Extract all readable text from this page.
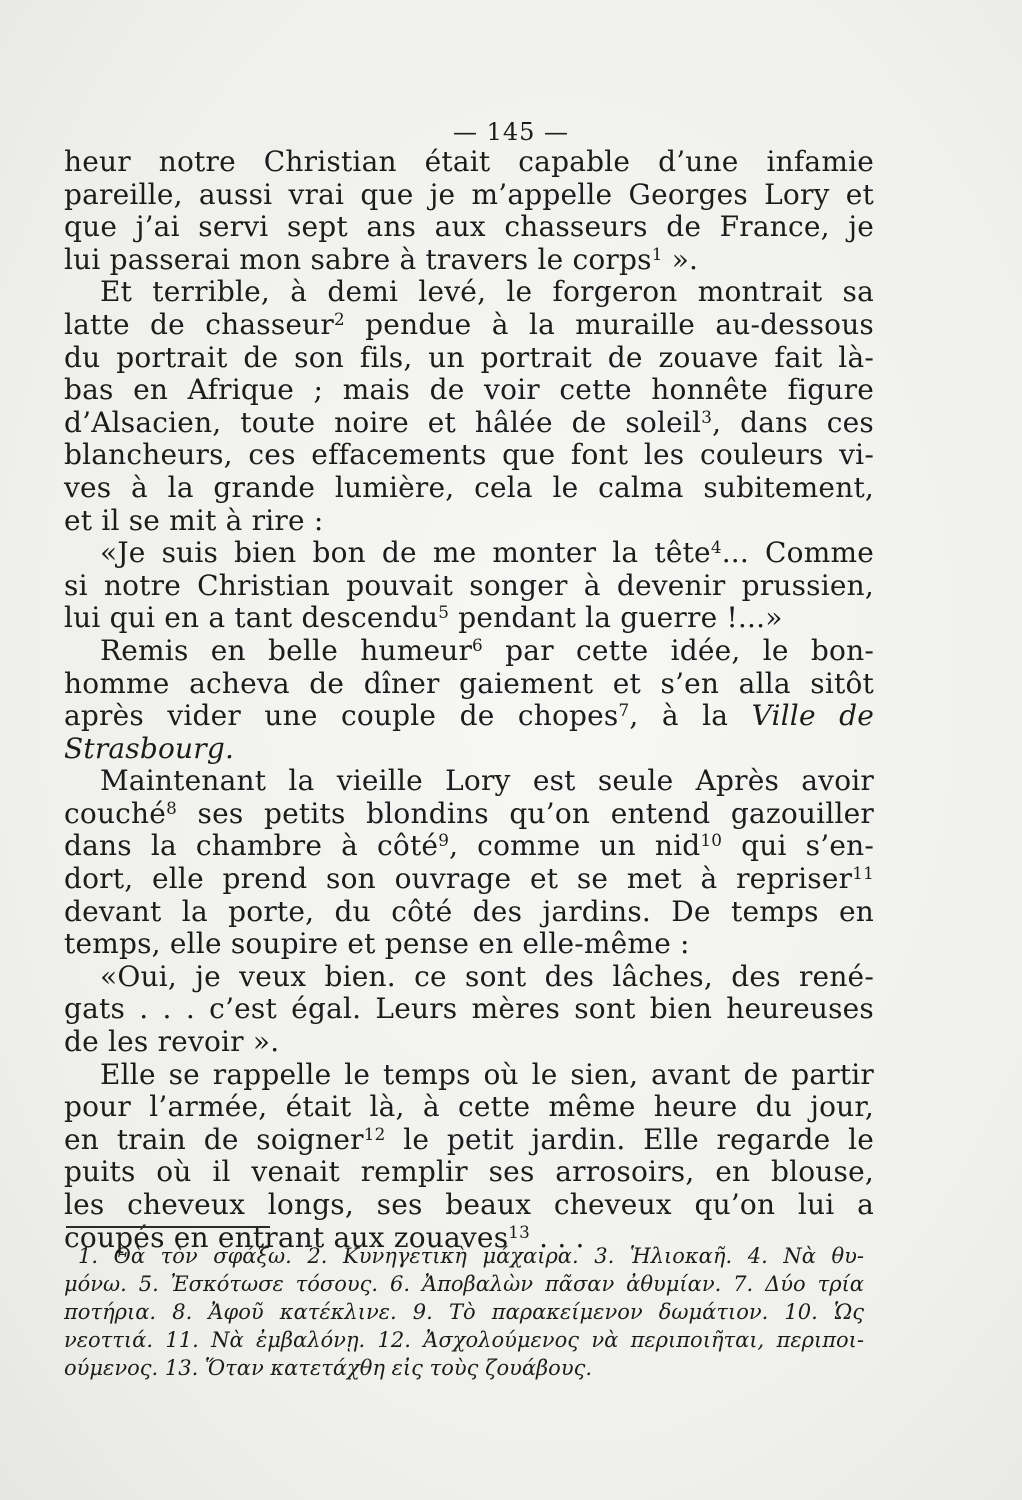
— 145 —
heur notre Christian était capable d’une infamie
pareille, aussi vrai que je m’appelle Georges Lory et
que j’ai servi sept ans aux chasseurs de France, je
lui passerai mon sabre à travers le corps$^1$ ».
Et terrible, à demi levé, le forgeron montrait sa
latte de chasseur$^2$ pendue à la muraille au-dessous
du portrait de son fils, un portrait de zouave fait là-
bas en Afrique ; mais de voir cette honnête figure
d’Alsacien, toute noire et hâlée de soleil$^3$, dans ces
blancheurs, ces effacements que font les couleurs vi-
ves à la grande lumière, cela le calma subitement,
et il se mit à rire :
«Je suis bien bon de me monter la tête$^4$... Comme
si notre Christian pouvait songer à devenir prussien,
lui qui en a tant descendu$^5$ pendant la guerre !...»
Remis en belle humeur$^6$ par cette idée, le bon-
homme acheva de dîner gaiement et s’en alla sitôt
après vider une couple de chopes$^7$, à la Ville de
Strasbourg.
Maintenant la vieille Lory est seule Après avoir
couché$^8$ ses petits blondins qu’on entend gazouiller
dans la chambre à côté$^9$, comme un nid$^{10}$ qui s’en-
dort, elle prend son ouvrage et se met à repriser$^{11}$
devant la porte, du côté des jardins. De temps en
temps, elle soupire et pense en elle-même :
«Oui, je veux bien. ce sont des lâches, des rené-
gats . . . c’est égal. Leurs mères sont bien heureuses
de les revoir ».
Elle se rappelle le temps où le sien, avant de partir
pour l’armée, était là, à cette même heure du jour,
en train de soigner$^{12}$ le petit jardin. Elle regarde le
puits où il venait remplir ses arrosoirs, en blouse,
les cheveux longs, ses beaux cheveux qu’on lui a
coupés en entrant aux zouaves$^{13}$ . . .
1. Θὰ τὸν σφάξω. 2. Κυνηγετικὴ μάχαιρα. 3. Ἡλιοκαῆ. 4. Νὰ θυ-
μόνω. 5. Ἐσκότωσε τόσους. 6. Ἀποβαλὼν πᾶσαν ἀθυμίαν. 7. Δύο τρία
ποτήρια. 8. Ἀφοῦ κατέκλινε. 9. Τὸ παρακείμενον δωμάτιον. 10. Ὡς
νεοττιά. 11. Νὰ ἐμβαλόνῃ. 12. Ἀσχολούμενος νὰ περιποιῆται, περιποι-
ούμενος. 13. Ὅταν κατετάχθη εἰς τοὺς ζουάβους.
